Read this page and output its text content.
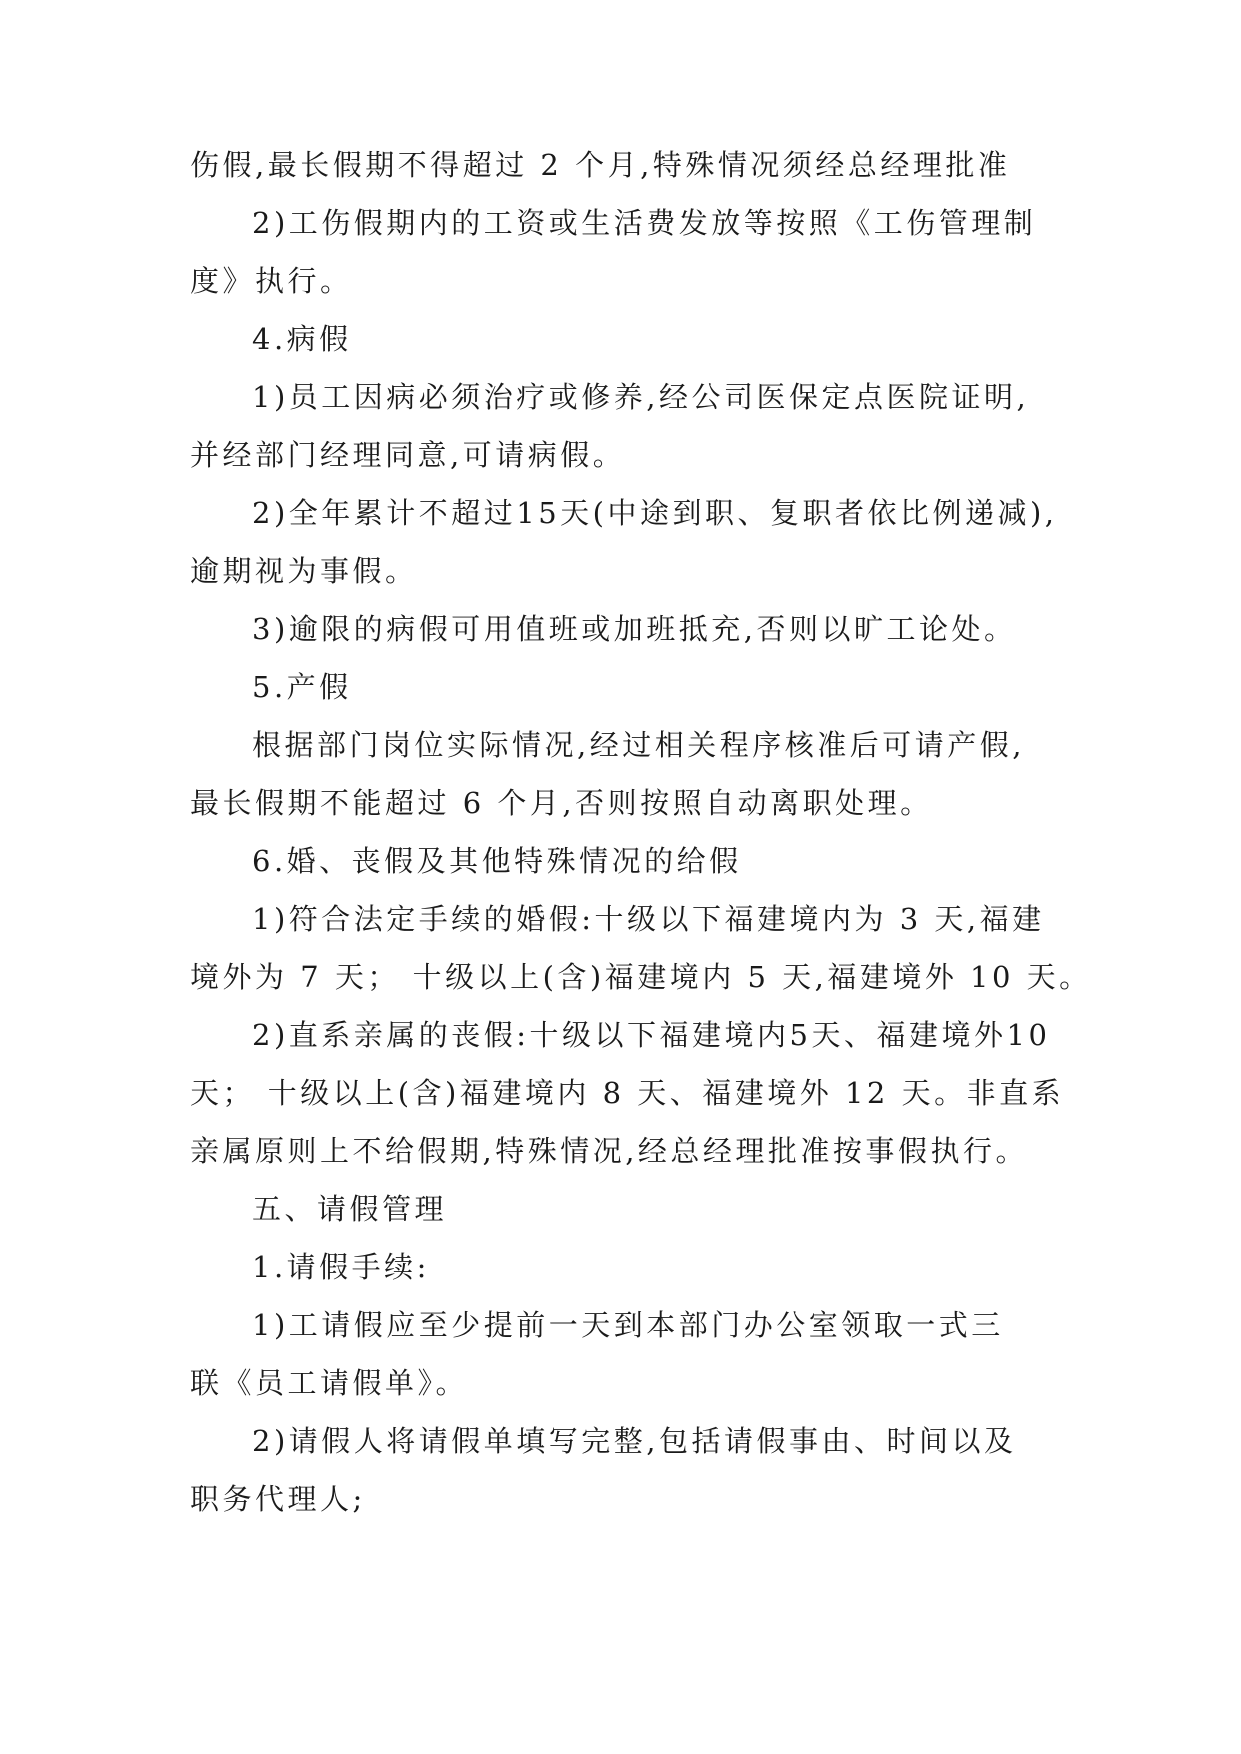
伤假,最长假期不得超过 2 个月,特殊情况须经总经理批准
2)工伤假期内的工资或生活费发放等按照《工伤管理制
度》执行。
4.病假
1)员工因病必须治疗或修养,经公司医保定点医院证明,
并经部门经理同意,可请病假。
2)全年累计不超过15天(中途到职、复职者依比例递减),
逾期视为事假。
3)逾限的病假可用值班或加班抵充,否则以旷工论处。
5.产假
根据部门岗位实际情况,经过相关程序核准后可请产假,
最长假期不能超过 6 个月,否则按照自动离职处理。
6.婚、丧假及其他特殊情况的给假
1)符合法定手续的婚假:十级以下福建境内为 3 天,福建
境外为 7 天； 十级以上(含)福建境内 5 天,福建境外 10 天。
2)直系亲属的丧假:十级以下福建境内5天、福建境外10
天； 十级以上(含)福建境内 8 天、福建境外 12 天。非直系
亲属原则上不给假期,特殊情况,经总经理批准按事假执行。
五、请假管理
1.请假手续:
1)工请假应至少提前一天到本部门办公室领取一式三
联《员工请假单》。
2)请假人将请假单填写完整,包括请假事由、时间以及
职务代理人;
